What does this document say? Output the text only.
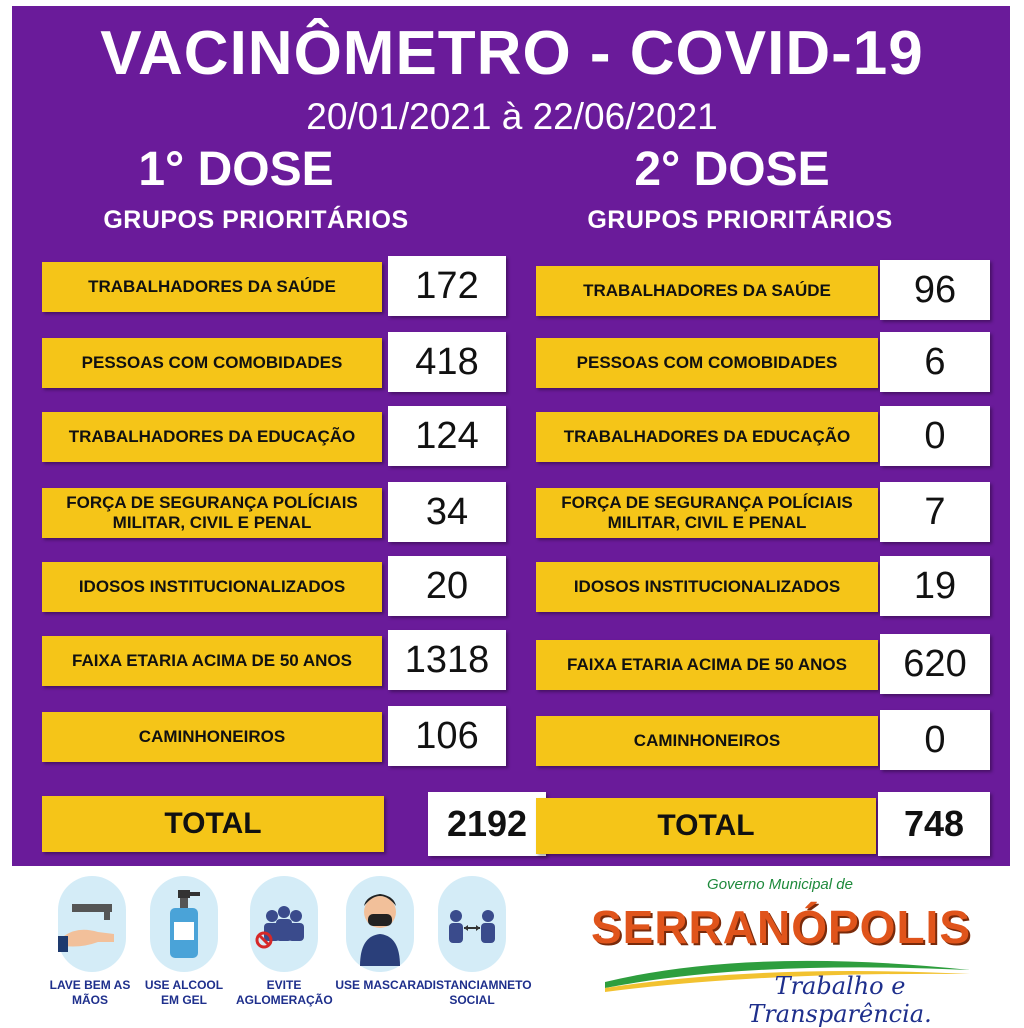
VACINÔMETRO - COVID-19
20/01/2021 à 22/06/2021
1° DOSE
GRUPOS PRIORITÁRIOS
2° DOSE
GRUPOS PRIORITÁRIOS
TRABALHADORES DA SAÚDE	172
PESSOAS COM COMOBIDADES	418
TRABALHADORES DA EDUCAÇÃO	124
FORÇA DE SEGURANÇA POLÍCIAIS MILITAR, CIVIL E PENAL	34
IDOSOS INSTITUCIONALIZADOS	20
FAIXA ETARIA ACIMA DE 50 ANOS	1318
CAMINHONEIROS	106
TRABALHADORES DA SAÚDE	96
PESSOAS COM COMOBIDADES	6
TRABALHADORES DA EDUCAÇÃO	0
FORÇA DE SEGURANÇA POLÍCIAIS MILITAR, CIVIL E PENAL	7
IDOSOS INSTITUCIONALIZADOS	19
FAIXA ETARIA ACIMA DE 50 ANOS	620
CAMINHONEIROS	0
TOTAL	2192	TOTAL	748
LAVE BEM AS MÃOS
USE ALCOOL EM GEL
EVITE AGLOMERAÇÃO
USE MASCARA DISTANCIAMNETO SOCIAL
Governo Municipal de
SERRANÓPOLIS
Trabalho e Transparência.
